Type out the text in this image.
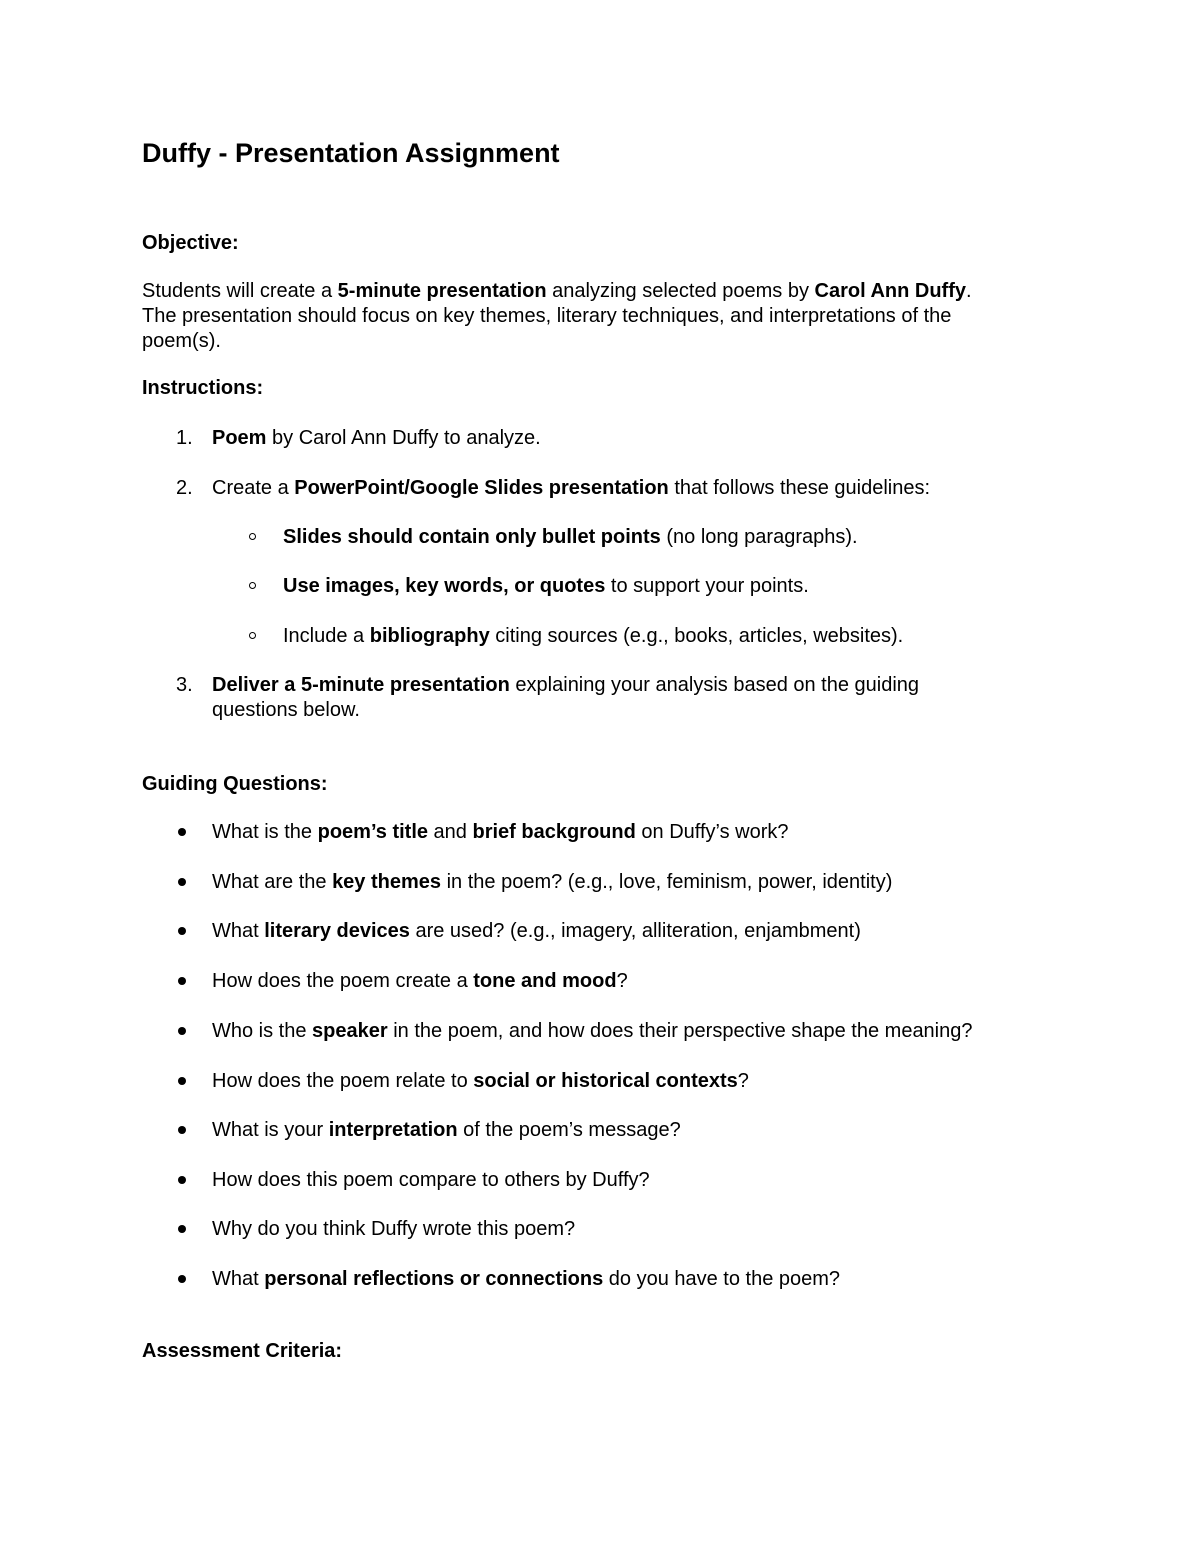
Duffy - Presentation Assignment
Objective:
Students will create a 5-minute presentation analyzing selected poems by Carol Ann Duffy.
The presentation should focus on key themes, literary techniques, and interpretations of the
poem(s).
Instructions:
1. Poem by Carol Ann Duffy to analyze.
2. Create a PowerPoint/Google Slides presentation that follows these guidelines:
Slides should contain only bullet points (no long paragraphs).
Use images, key words, or quotes to support your points.
Include a bibliography citing sources (e.g., books, articles, websites).
3. Deliver a 5-minute presentation explaining your analysis based on the guiding
questions below.
Guiding Questions:
What is the poem’s title and brief background on Duffy’s work?
What are the key themes in the poem? (e.g., love, feminism, power, identity)
What literary devices are used? (e.g., imagery, alliteration, enjambment)
How does the poem create a tone and mood?
Who is the speaker in the poem, and how does their perspective shape the meaning?
How does the poem relate to social or historical contexts?
What is your interpretation of the poem’s message?
How does this poem compare to others by Duffy?
Why do you think Duffy wrote this poem?
What personal reflections or connections do you have to the poem?
Assessment Criteria:
